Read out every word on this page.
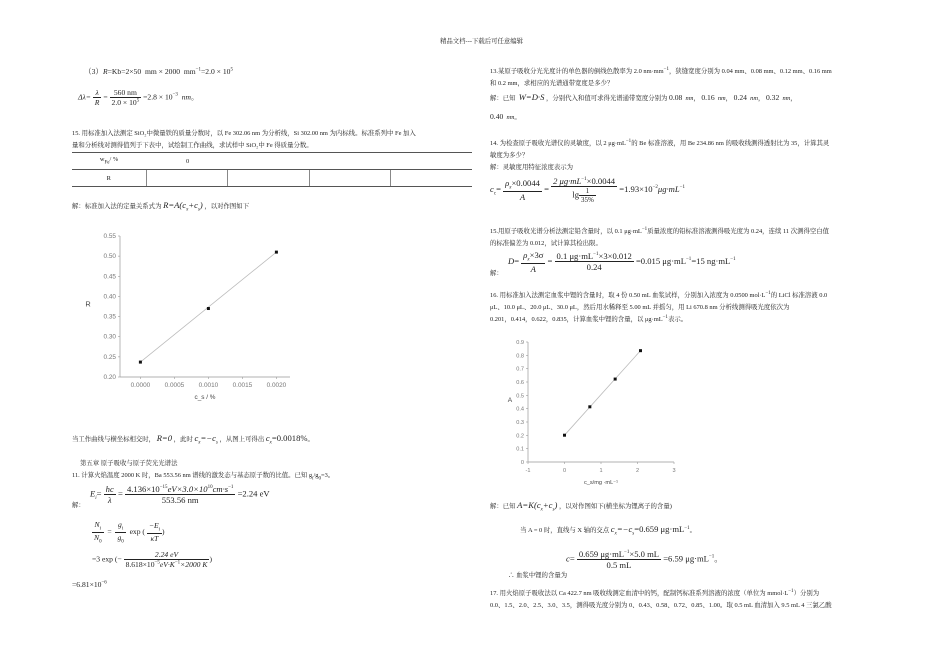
精品文档---下载后可任意编辑
（3）R=Kb=2×50 mm × 2000 $mm^{-1}=2.0 \times 10^5$
$\Delta\lambda= \frac{\lambda}{R} = \frac{560 nm}{2.0 \times 10^5} =2.8 \times 10^{-3}$ nm。
15. 用标准加入法测定 SiO₂中微量铁的质量分数时，以 Fe 302.06 nm 为分析线，Si 302.00 nm 为内标线。标准系列中 Fe 加入
量和分析线对测得值列于下表中，试绘制工作曲线，求试样中 SiO₂中 Fe 得质量分数。
$w_{Fe}/$ %	0			
R				
解：标准加入法的定量关系式为 $R=A(c_x+c_s)$ ，以对作图如下
0.20
0.25
0.30
0.35
0.40
0.45
0.50
0.55
0.0000 0.0005 0.0010 0.0015 0.0020
R
c_s / %
当工作曲线与横坐标相交时， R=0 ，此时 $c_x=-c_s$ ，从图上可得出 $c_x=0.0018\%$。
第五章 原子吸收与原子荧光光谱法
11. 计算火焰温度 2000 K 时，Ba 553.56 nm 谱线的激发态与基态原子数的比值。已知 $g_i/g_0=3$。
解：
$E_i= \frac{hc}{\lambda} = \frac{4.136\times 10^{-15}eV\times 3.0\times 10^{10}cm\cdot s^{-1}}{553.56 nm} =2.24$ eV
$\frac{N_i}{N_0} = \frac{g_i}{g_0}$ exp ( $\frac{-E_i}{\kappa T}$ )
=3 exp (− $\frac{2.24 eV}{8.618\times 10^{-5}eV\cdot K^{-1}\times 2000 K}$ )
$=6.81\times 10^{-6}$
13.某原子吸收分光光度计的单色器的倒线色散率为 2.0 $nm\cdot mm^{-1}$，狭缝宽度分别为 0.04 mm、0.08 mm、0.12 mm、0.16 mm
和 0.2 mm，求相应的光谱通带宽度是多少？
解：已知 W=D·S ，分别代入和值可求得光谱通带宽度分别为 0.08 nm， 0.16 nm， 0.24 nm， 0.32 nm，
0.40 nm。
14. 为检查原子吸收光谱仪的灵敏度，以 2 $\mu g\cdot mL^{-1}$的 Be 标准溶液，用 Be 234.86 nm 的吸收线测得透射比为 35，计算其灵
敏度为多少？
解：灵敏度用特征浓度表示为
$c_c= \frac{\rho_x\times 0.0044}{A} = \frac{2 \mu g\cdot mL^{-1}\times 0.0044}{\lg \frac{1}{35\%}} =1.93\times 10^{-2}\mu g\cdot mL^{-1}$
15.用原子吸收光谱分析法测定铅含量时，以 0.1 $\mu g\cdot mL^{-1}$质量浓度的铅标准溶液测得吸光度为 0.24，连续 11 次测得空白值
的标准偏差为 0.012，试计算其检出限。
解：
$D= \frac{\rho_x\times 3\sigma}{A} = \frac{0.1 \mu g\cdot mL^{-1}\times 3\times 0.012}{0.24} =0.015$ $\mu g\cdot mL^{-1}=15$ $ng\cdot mL^{-1}$
16. 用标准加入法测定血浆中锂的含量时，取 4 份 0.50 mL 血浆试样，分别加入浓度为 0.0500 $mol\cdot L^{-1}$的 LiCl 标准溶液 0.0
μL、10.0 μL、20.0 μL、30.0 μL，然后用水稀释至 5.00 mL 并摇匀，用 Li 670.8 nm 分析线测得吸光度依次为
0.201，0.414，0.622，0.835，计算血浆中锂的含量，以 $\mu g\cdot mL^{-1}$表示。
0
0.1
0.2
0.3
0.4
0.5
0.6
0.7
0.8
0.9
-1	0	1	2	3
A
c_s/mg ·mL⁻¹
解：已知 $A=K(c_x+c_s)$ ，以对作图如下(横坐标为锂离子的含量)
当 A = 0 时，直线与 X 轴的交点 $c_x=-c_s=0.659$ $\mu g\cdot mL^{-1}$。
∴ 血浆中锂的含量为
$c= \frac{0.659 \mu g\cdot mL^{-1}\times 5.0 mL}{0.5 mL} =6.59$ $\mu g\cdot mL^{-1}$。
17. 用火焰原子吸收法以 Ca 422.7 nm 吸收线测定血清中的钙，配制钙标准系列溶液的浓度（单位为 $mmol\cdot L^{-1}$）分别为
0.0、1.5、2.0、2.5、3.0、3.5，测得吸光度分别为 0、0.43、0.58、0.72、0.85、1.00。取 0.5 mL 血清加入 9.5 mL 4 三氯乙酸
